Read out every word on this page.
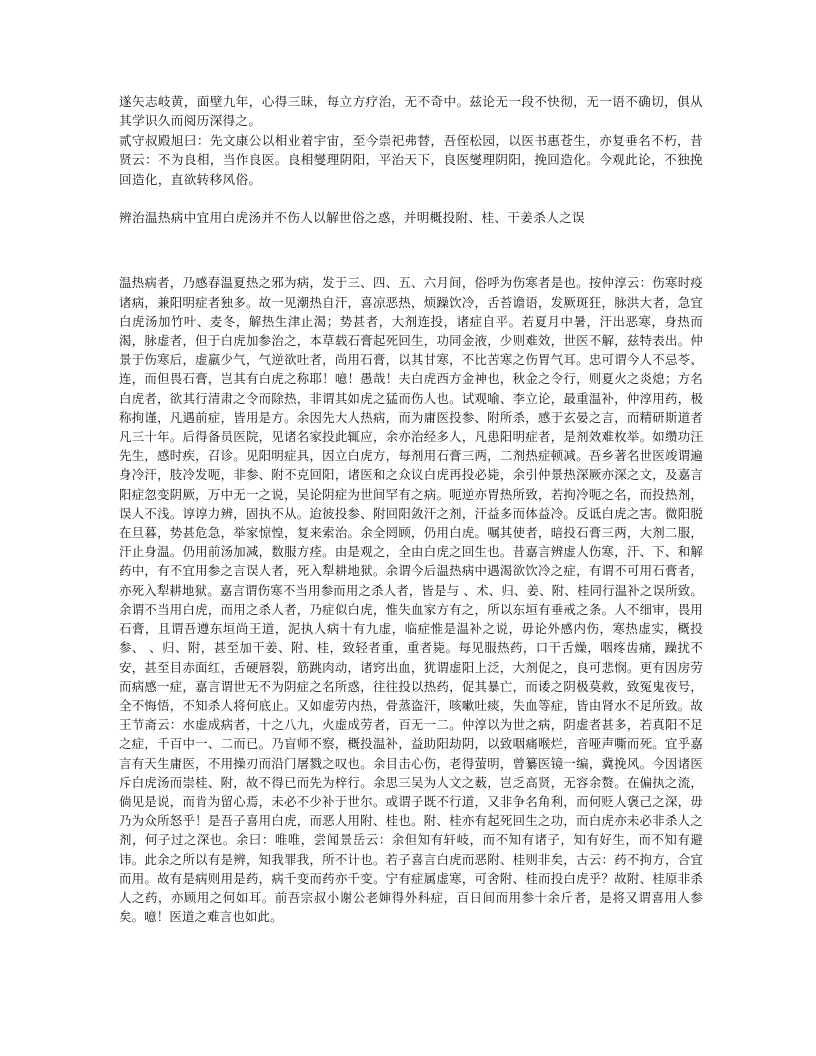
遂矢志岐黄，面壁九年，心得三昧，每立方疗治，无不奇中。兹论无一段不快彻，无一语不确切，俱从其学识久而阅历深得之。

贰守叔殿旭曰：先文康公以相业着宇宙，至今崇祀弗替，吾侄松园，以医书惠苍生，亦复垂名不朽，昔贤云：不为良相，当作良医。良相燮理阴阳，平治天下，良医燮理阴阳，挽回造化。今观此论，不独挽回造化，直欲转移风俗。

辨治温热病中宜用白虎汤并不伤人以解世俗之惑，并明概投附、桂、干姜杀人之误

温热病者，乃感春温夏热之邪为病，发于三、四、五、六月间，俗呼为伤寒者是也。按仲淳云：伤寒时疫诸病，兼阳明症者独多。故一见潮热自汗，喜凉恶热，烦躁饮冷，舌苔谵语，发厥斑狂，脉洪大者，急宜白虎汤加竹叶、麦冬，解热生津止渴；势甚者，大剂连投，诸症自平。若夏月中暑，汗出恶寒，身热而渴，脉虚者，但于白虎加参治之，本草载石膏起死回生，功同金液，少则难效，世医不解，兹特表出。仲景于伤寒后，虚羸少气，气逆欲吐者，尚用石膏，以其甘寒，不比苦寒之伤胃气耳。忠可谓今人不忌苓、连，而但畏石膏，岂其有白虎之称耶！噫！愚哉！夫白虎西方金神也，秋金之令行，则夏火之炎熄；方名白虎者，欲其行清肃之令而除热，非谓其如虎之猛而伤人也。试观喻、李立论，最重温补，仲淳用药，极称拘谨，凡遇前症，皆用是方。余因先大人热病，而为庸医投参、附所杀，感于玄晏之言，而精研斯道者凡三十年。后得备员医院，见诸名家投此辄应，余亦治经多人，凡患阳明症者，是剂效难枚举。如缵功汪先生，感时疾，召诊。见阳明症具，因立白虎方，每剂用石膏三两，二剂热症顿减。吾乡著名世医竣谓遍身冷汗，肢冷发呃，非参、附不克回阳，诸医和之众议白虎再投必毙，余引仲景热深厥亦深之文，及嘉言阳症忽变阴厥，万中无一之说，吴论阴症为世间罕有之病。呃逆亦胃热所致，若拘冷呃之名，而投热剂，误人不浅。谆谆力辨，固执不从。迨彼投参、附回阳敛汗之剂，汗益多而体益冷。反诋白虎之害。微阳脱在旦暮，势甚危急，举家惊惶，复来索治。余全罔顾，仍用白虎。嘱其使者，暗投石膏三两，大剂二服，汗止身温。仍用前汤加减，数服方痊。由是观之，全由白虎之回生也。昔嘉言辨虚人伤寒，汗、下、和解药中，有不宜用参之言误人者，死入犁耕地狱。余谓今后温热病中遇渴欲饮冷之症，有谓不可用石膏者，亦死入犁耕地狱。嘉言谓伤寒不当用参而用之杀人者，皆是与 、术、归、姜、附、桂同行温补之误所致。余谓不当用白虎，而用之杀人者，乃症似白虎，惟失血家方有之，所以东垣有垂戒之条。人不细审，畏用石膏，且谓吾遵东垣尚王道，泥执人病十有九虚，临症惟是温补之说，毋论外感内伤，寒热虚实，概投参、 、归、附，甚至加干姜、附、桂，致轻者重，重者毙。每见服热药，口干舌燥，咽疼齿痛，躁扰不安，甚至目赤面红，舌硬唇裂，筋跳肉动，诸窍出血，犹谓虚阳上泛，大剂促之，良可悲悯。更有因房劳而病感一症，嘉言谓世无不为阴症之名所惑，往往投以热药，促其暴亡，而诿之阴极莫救，致冤鬼夜号，全不悔悟，不知杀人将何底止。又如虚劳内热，骨蒸盗汗，咳嗽吐痰，失血等症，皆由肾水不足所致。故王节斋云：水虚成病者，十之八九，火虚成劳者，百无一二。仲淳以为世之病，阴虚者甚多，若真阳不足之症，千百中一、二而已。乃盲师不察，概投温补，益助阳劫阴，以致咽痛喉烂，音哑声嘶而死。宜乎嘉言有天生庸医，不用操刃而沿门屠戮之叹也。余目击心伤，老得萤明，曾纂医镜一编，冀挽风。今因诸医斥白虎汤而崇桂、附，故不得已而先为梓行。余思三吴为人文之薮，岂乏高贤，无容余赘。在偏执之流，倘见是说，而肯为留心焉，未必不少补于世尔。或谓子既不行道，又非争名角利，而何贬人褒己之深，毋乃为众所怒乎！是吾子喜用白虎，而恶人用附、桂也。附、桂亦有起死回生之功，而白虎亦未必非杀人之剂，何子过之深也。余曰：唯唯，尝闻景岳云：余但知有轩岐，而不知有诸子，知有好生，而不知有避讳。此余之所以有是辨，知我罪我，所不计也。若子喜言白虎而恶附、桂则非矣，古云：药不拘方，合宜而用。故有是病则用是药，病千变而药亦千变。宁有症属虚寒，可舍附、桂而投白虎乎？故附、桂原非杀人之药，亦顾用之何如耳。前吾宗叔小谢公老婶得外科症，百日间而用参十余斤者，是将又谓喜用人参矣。噫！医道之难言也如此。
